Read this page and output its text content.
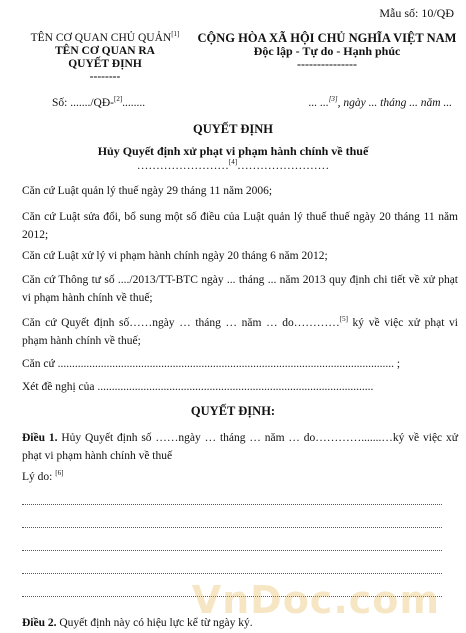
Mẫu số: 10/QĐ
TÊN CƠ QUAN CHỦ QUẢN[1]
TÊN CƠ QUAN RA
QUYẾT ĐỊNH
--------
CỘNG HÒA XÃ HỘI CHỦ NGHĨA VIỆT NAM
Độc lập - Tự do - Hạnh phúc
---------------
Số: ......./QĐ-[2]........	... ...[3], ngày ... tháng ... năm ...
QUYẾT ĐỊNH
Hủy Quyết định xử phạt vi phạm hành chính về thuế
……………………[4]……………………
Căn cứ Luật quản lý thuế ngày 29 tháng 11 năm 2006;
Căn cứ Luật sửa đổi, bổ sung một số điều của Luật quản lý thuế thuế ngày 20 tháng 11 năm 2012;
Căn cứ Luật xử lý vi phạm hành chính ngày 20 tháng 6 năm 2012;
Căn cứ Thông tư số ..../2013/TT-BTC ngày ... tháng ... năm 2013 quy định chi tiết về xử phạt vi phạm hành chính về thuế;
Căn cứ Quyết định số……ngày … tháng … năm … do…………[5] ký về việc xử phạt vi phạm hành chính về thuế;
Căn cứ ..................................................................................................................... ;
Xét đề nghị của ................................................................................................
QUYẾT ĐỊNH:
Điều 1. Hủy Quyết định số ……ngày … tháng … năm … do………….......…ký về việc xử phạt vi phạm hành chính về thuế
Lý do: [6]
Điều 2. Quyết định này có hiệu lực kể từ ngày ký.
VnDoc.com
